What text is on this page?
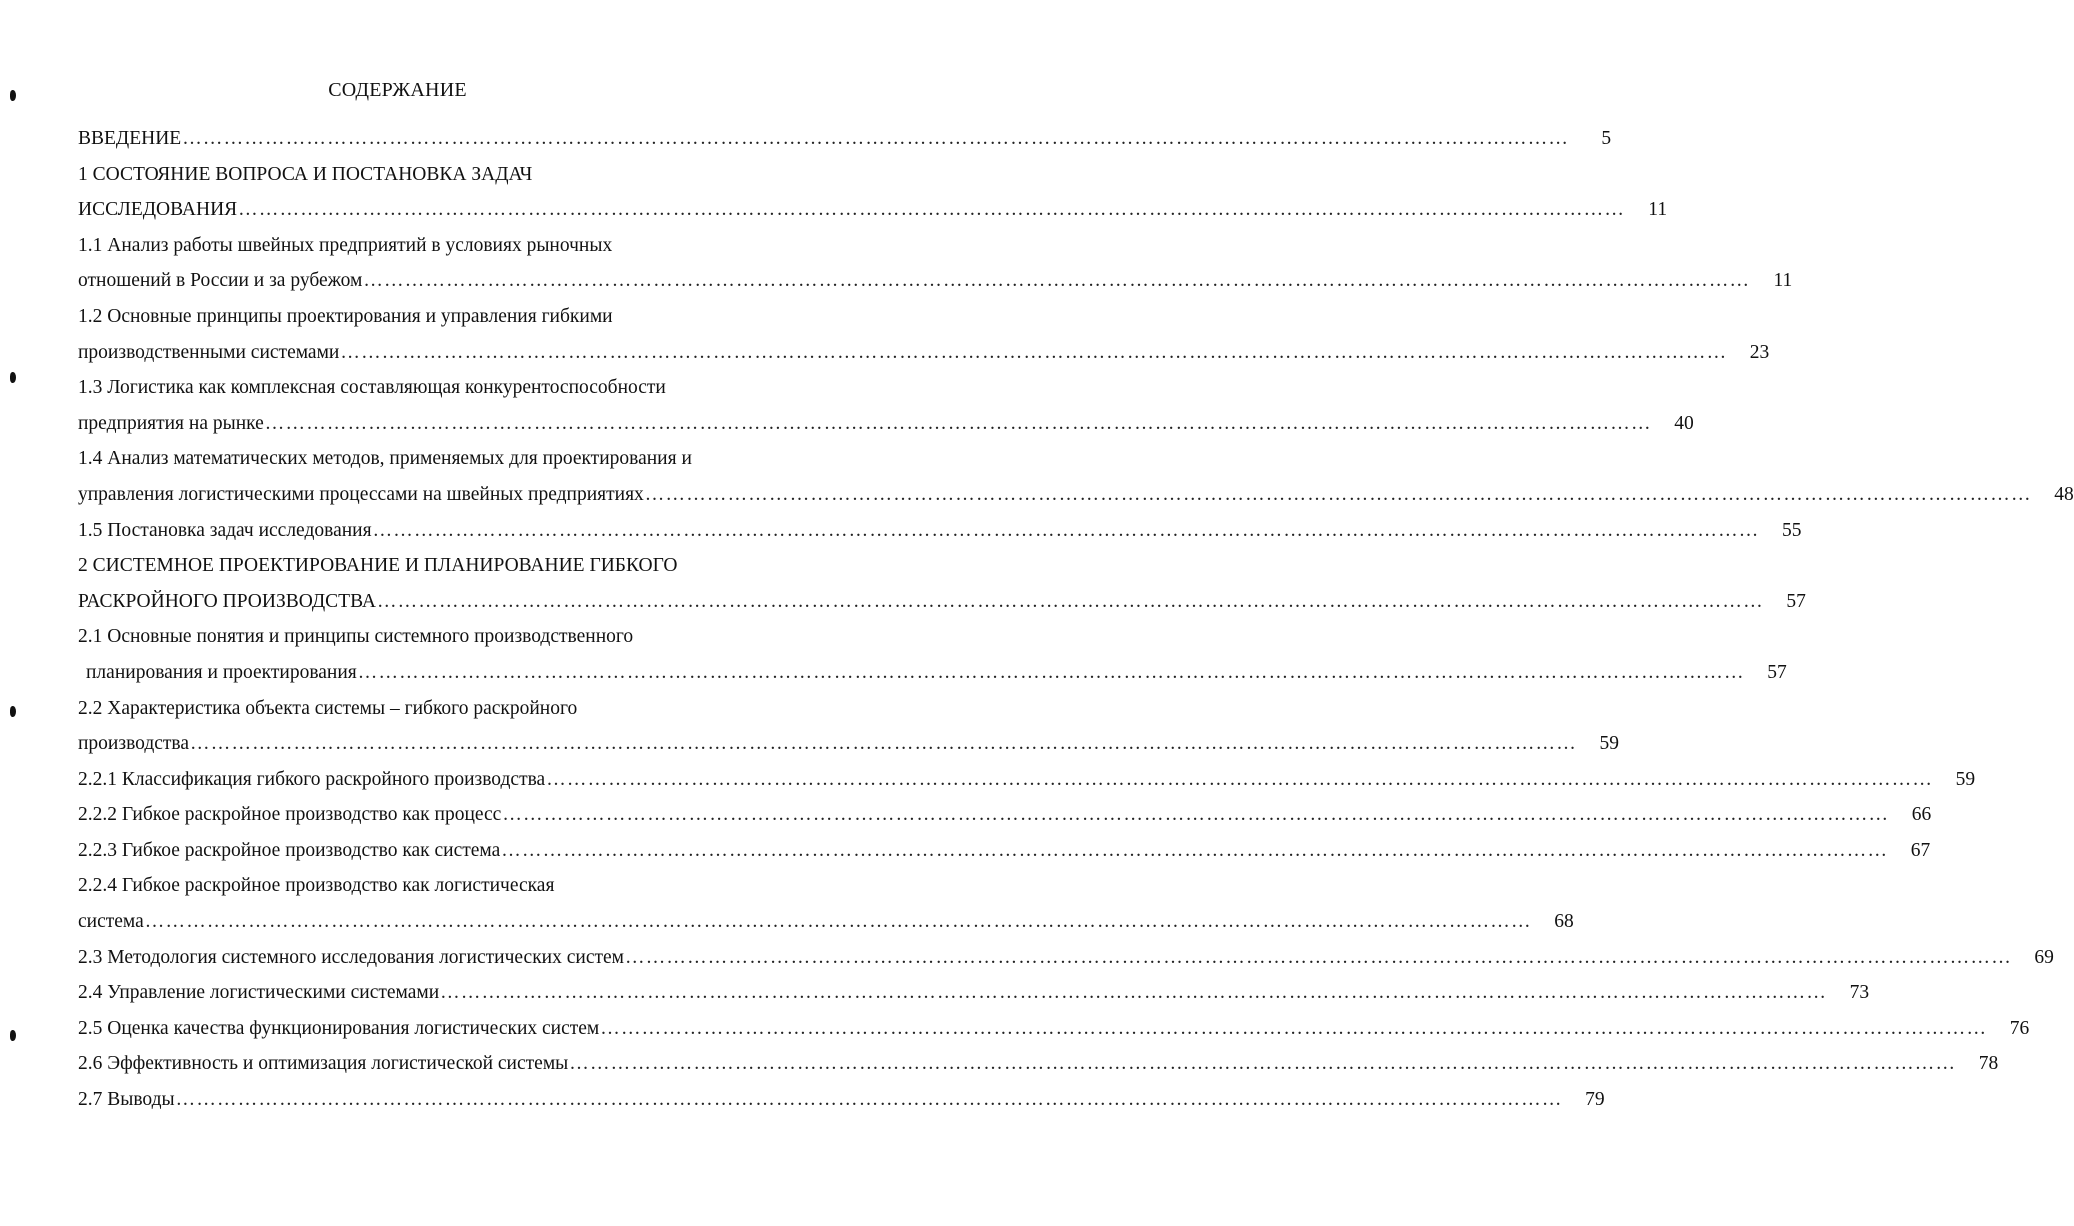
СОДЕРЖАНИЕ
ВВЕДЕНИЕ …………………………………………………………………………………………………………………………………………………………………………………	5
1 СОСТОЯНИЕ ВОПРОСА И ПОСТАНОВКА ЗАДАЧ
ИССЛЕДОВАНИЯ …………………………………………………………………………………………………………………………………………………………………………………	11
1.1 Анализ работы швейных предприятий в условиях рыночных
отношений в России и за рубежом …………………………………………………………………………………………………………………………………………………………………………………	11
1.2 Основные принципы проектирования и управления гибкими
производственными системами …………………………………………………………………………………………………………………………………………………………………………………	23
1.3 Логистика как комплексная составляющая конкурентоспособности
предприятия на рынке …………………………………………………………………………………………………………………………………………………………………………………	40
1.4 Анализ математических методов, применяемых для проектирования и
управления логистическими процессами на швейных предприятиях …………………………………………………………………………………………………………………………………………………………………………………	48
1.5 Постановка задач исследования …………………………………………………………………………………………………………………………………………………………………………………	55
2 СИСТЕМНОЕ ПРОЕКТИРОВАНИЕ И ПЛАНИРОВАНИЕ ГИБКОГО
РАСКРОЙНОГО ПРОИЗВОДСТВА …………………………………………………………………………………………………………………………………………………………………………………	57
2.1 Основные понятия и принципы системного производственного
планирования и проектирования …………………………………………………………………………………………………………………………………………………………………………………	57
2.2 Характеристика объекта системы – гибкого раскройного
производства …………………………………………………………………………………………………………………………………………………………………………………	59
2.2.1 Классификация гибкого раскройного производства …………………………………………………………………………………………………………………………………………………………………………………	59
2.2.2 Гибкое раскройное производство как процесс …………………………………………………………………………………………………………………………………………………………………………………	66
2.2.3 Гибкое раскройное производство как система …………………………………………………………………………………………………………………………………………………………………………………	67
2.2.4 Гибкое раскройное производство как логистическая
система …………………………………………………………………………………………………………………………………………………………………………………	68
2.3 Методология системного исследования логистических систем …………………………………………………………………………………………………………………………………………………………………………………	69
2.4 Управление логистическими системами …………………………………………………………………………………………………………………………………………………………………………………	73
2.5 Оценка качества функционирования логистических систем …………………………………………………………………………………………………………………………………………………………………………………	76
2.6 Эффективность и оптимизация логистической системы …………………………………………………………………………………………………………………………………………………………………………………	78
2.7 Выводы …………………………………………………………………………………………………………………………………………………………………………………	79
